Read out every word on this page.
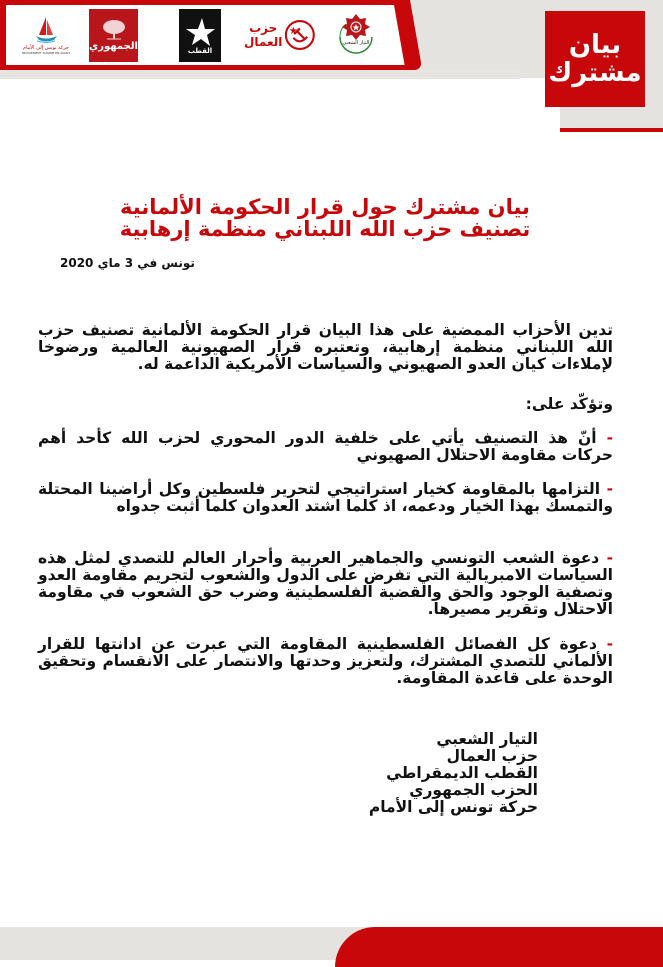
حركة تونس إلى الأمام
MOUVEMENT TUNISIE EN AVANT
الجمهوري	القطب
حزب
العمال	التيار الشعبي	بيان
مشترك
بيان مشترك حول قرار الحكومة الألمانية
تصنيف حزب الله اللبناني منظمة إرهابية
تونس في 3 ماي 2020
تدين الأحزاب الممضية على هذا البيان قرار الحكومة الألمانية تصنيف حزب الله اللبناني منظمة إرهابية، وتعتبره قرار الصهيونية العالمية ورضوخا لإملاءات كيان العدو الصهيوني والسياسات الأمريكية الداعمة له.
وتؤكّد على:
- أنّ هذ التصنيف يأتي على خلفية الدور المحوري لحزب الله كأحد أهم حركات مقاومة الاحتلال الصهيوني
- التزامها بالمقاومة كخيار استراتيجي لتحرير فلسطين وكل أراضينا المحتلة والتمسك بهذا الخيار ودعمه، اذ كلما اشتد العدوان كلما أثبت جدواه
- دعوة الشعب التونسي والجماهير العربية وأحرار العالم للتصدي لمثل هذه السياسات الامبريالية التي تفرض على الدول والشعوب لتجريم مقاومة العدو وتصفية الوجود والحق والقضية الفلسطينية وضرب حق الشعوب في مقاومة الاحتلال وتقرير مصيرها.
- دعوة كل الفصائل الفلسطينية المقاومة التي عبرت عن ادانتها للقرار الألماني للتصدي المشترك، ولتعزيز وحدتها والانتصار على الانقسام وتحقيق الوحدة على قاعدة المقاومة.
التيار الشعبي
حزب العمال
القطب الديمقراطي
الحزب الجمهوري
حركة تونس إلى الأمام
